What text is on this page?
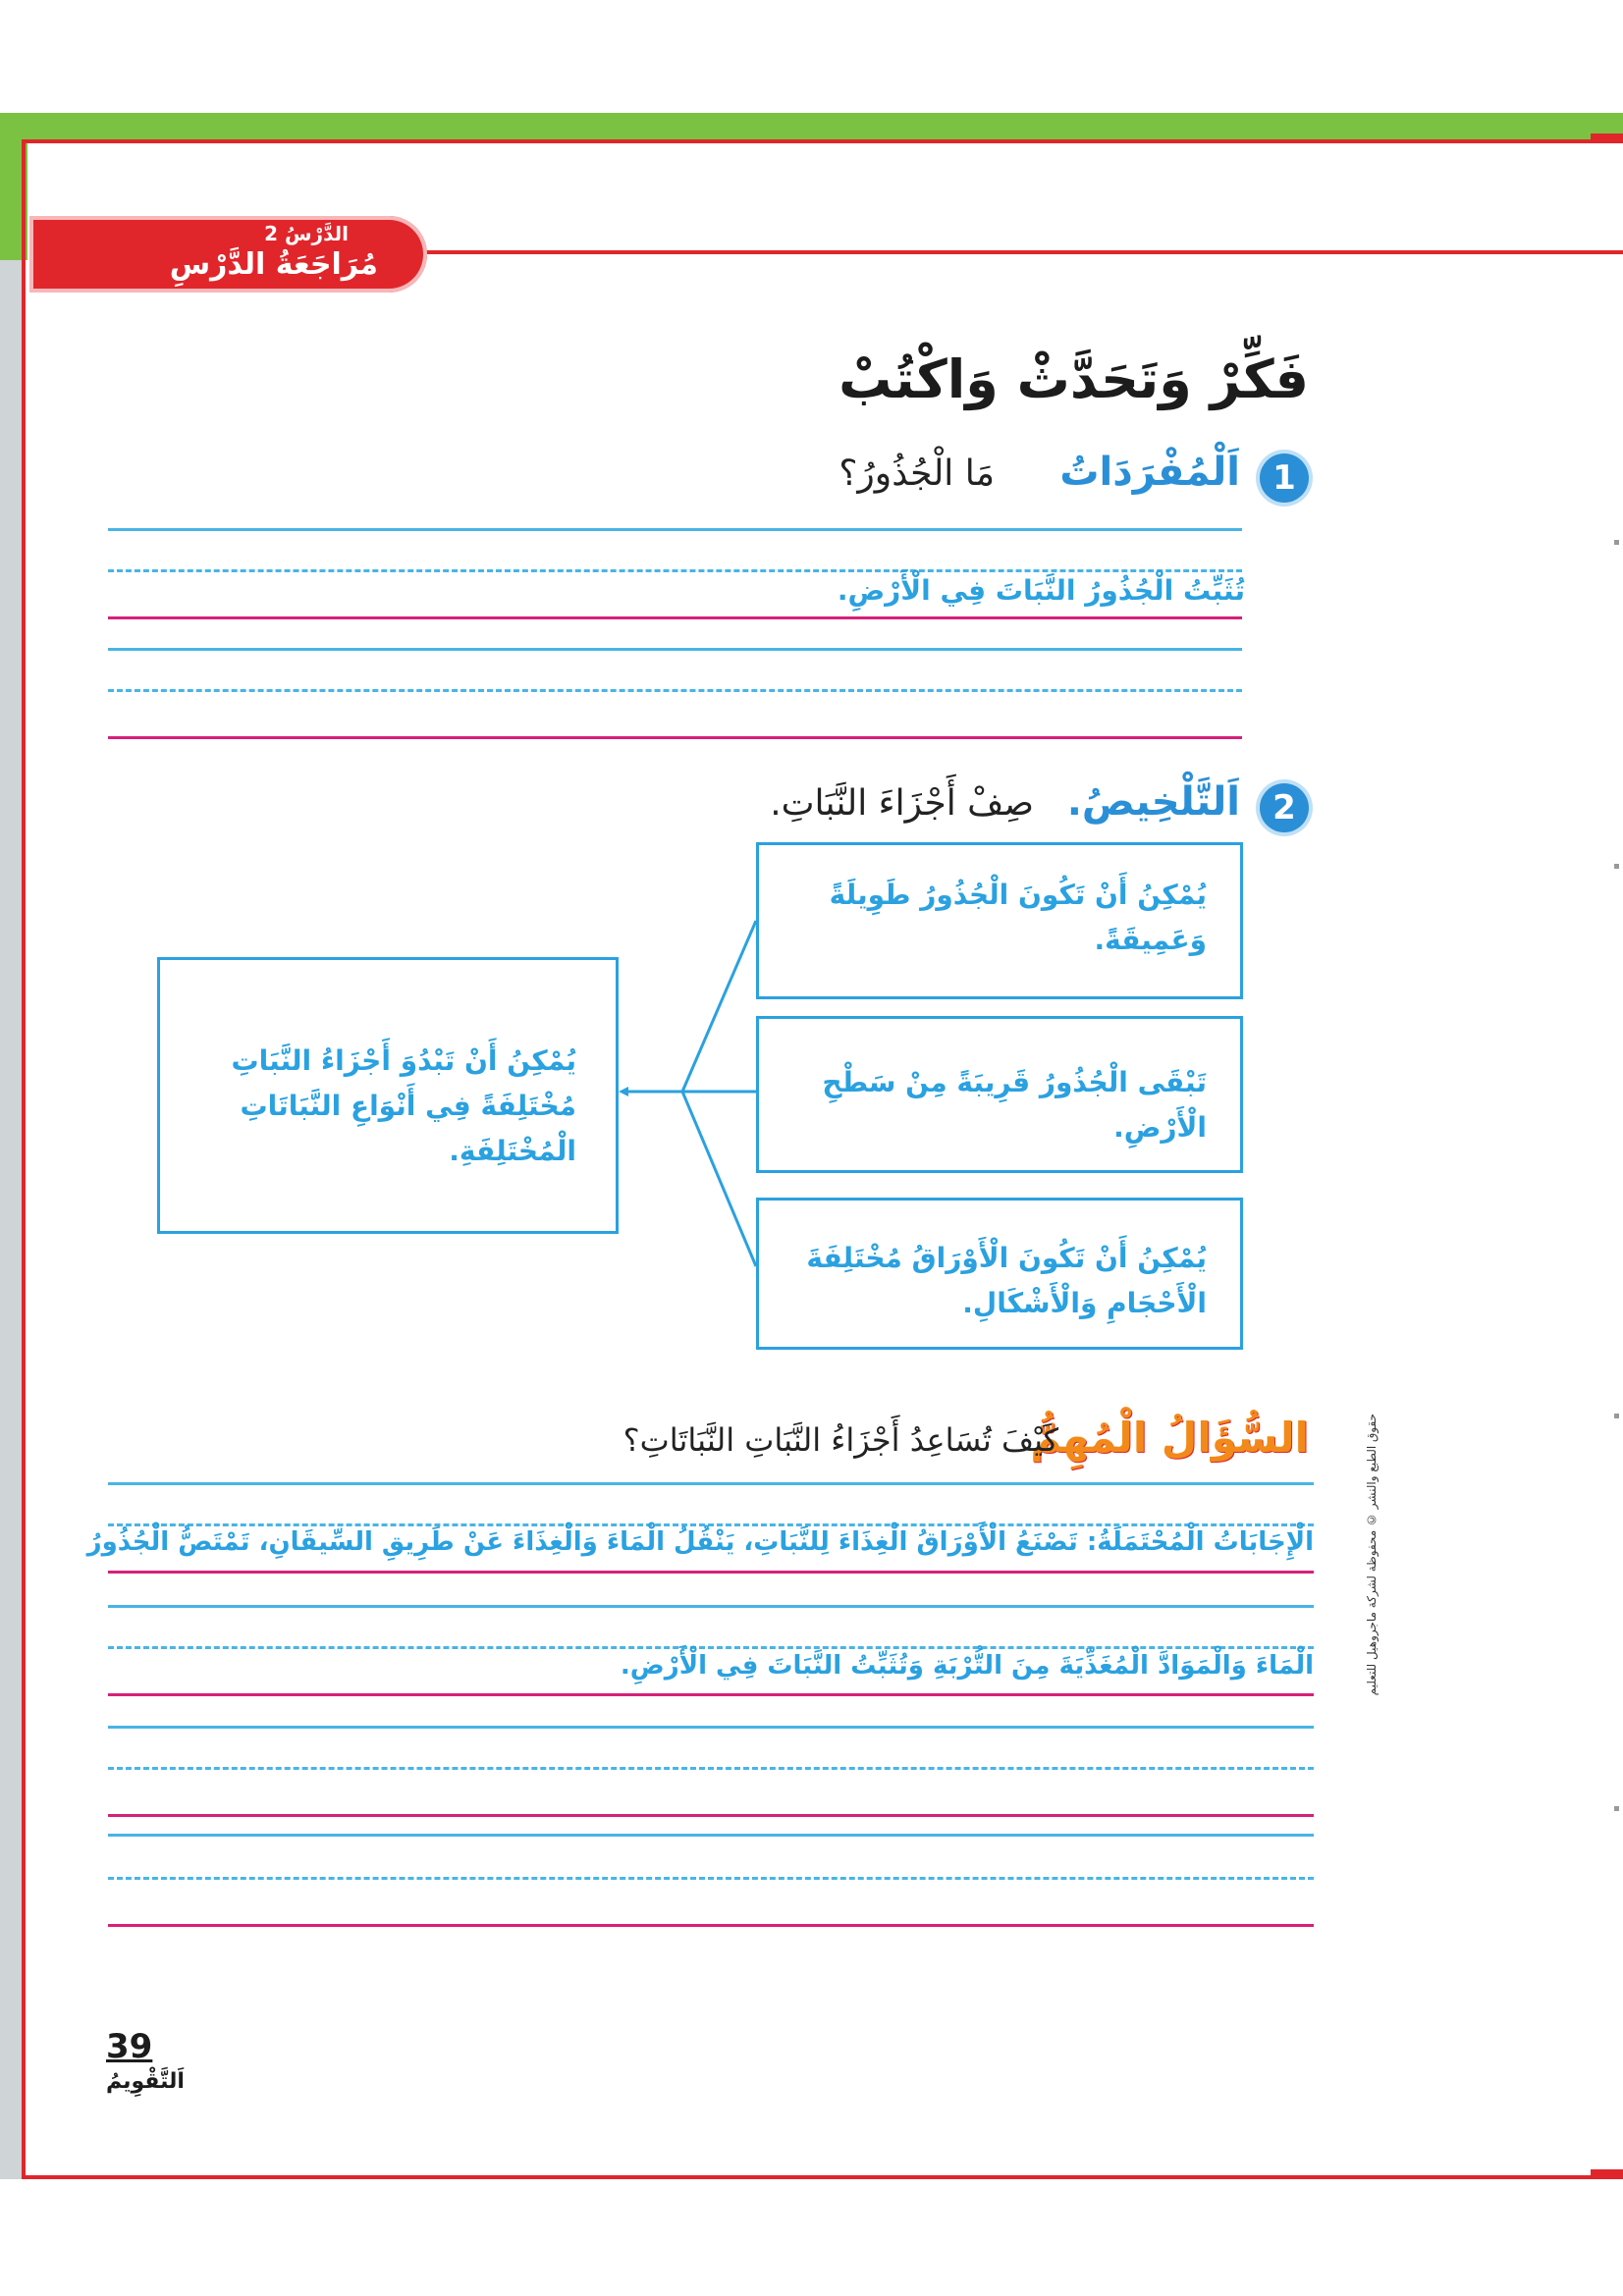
الدَّرْسُ 2
مُرَاجَعَةُ الدَّرْسِ
فَكِّرْ وَتَحَدَّثْ وَاكْتُبْ
1
اَلْمُفْرَدَاتُ
مَا الْجُذُورُ؟
تُثَبِّتُ الْجُذُورُ النَّبَاتَ فِي الْأَرْضِ.
2
اَلتَّلْخِيصُ.
صِفْ أَجْزَاءَ النَّبَاتِ.
يُمْكِنُ أَنْ تَكُونَ الْجُذُورُ طَوِيلَةً وَعَمِيقَةً.
تَبْقَى الْجُذُورُ قَرِيبَةً مِنْ سَطْحِ الْأَرْضِ.
يُمْكِنُ أَنْ تَكُونَ الْأَوْرَاقُ مُخْتَلِفَةَ الْأَحْجَامِ وَالْأَشْكَالِ.
يُمْكِنُ أَنْ تَبْدُوَ أَجْزَاءُ النَّبَاتِ مُخْتَلِفَةً فِي أَنْوَاعِ النَّبَاتَاتِ الْمُخْتَلِفَةِ.
السُّؤَالُ الْمُهِمُّ
كَيْفَ تُسَاعِدُ أَجْزَاءُ النَّبَاتِ النَّبَاتَاتِ؟
الْإِجَابَاتُ الْمُحْتَمَلَةُ: تَصْنَعُ الْأَوْرَاقُ الْغِذَاءَ لِلنَّبَاتِ، يَنْقُلُ الْمَاءَ وَالْغِذَاءَ عَنْ طَرِيقِ السِّيقَانِ، تَمْتَصُّ الْجُذُورُ
الْمَاءَ وَالْمَوَادَّ الْمُغَذِّيَةَ مِنَ التُّرْبَةِ وَتُثَبِّتُ النَّبَاتَ فِي الْأَرْضِ.
39
اَلتَّقْوِيمُ
حقوق الطبع والنشر © محفوظة لشركة ماجروهيل للتعليم
